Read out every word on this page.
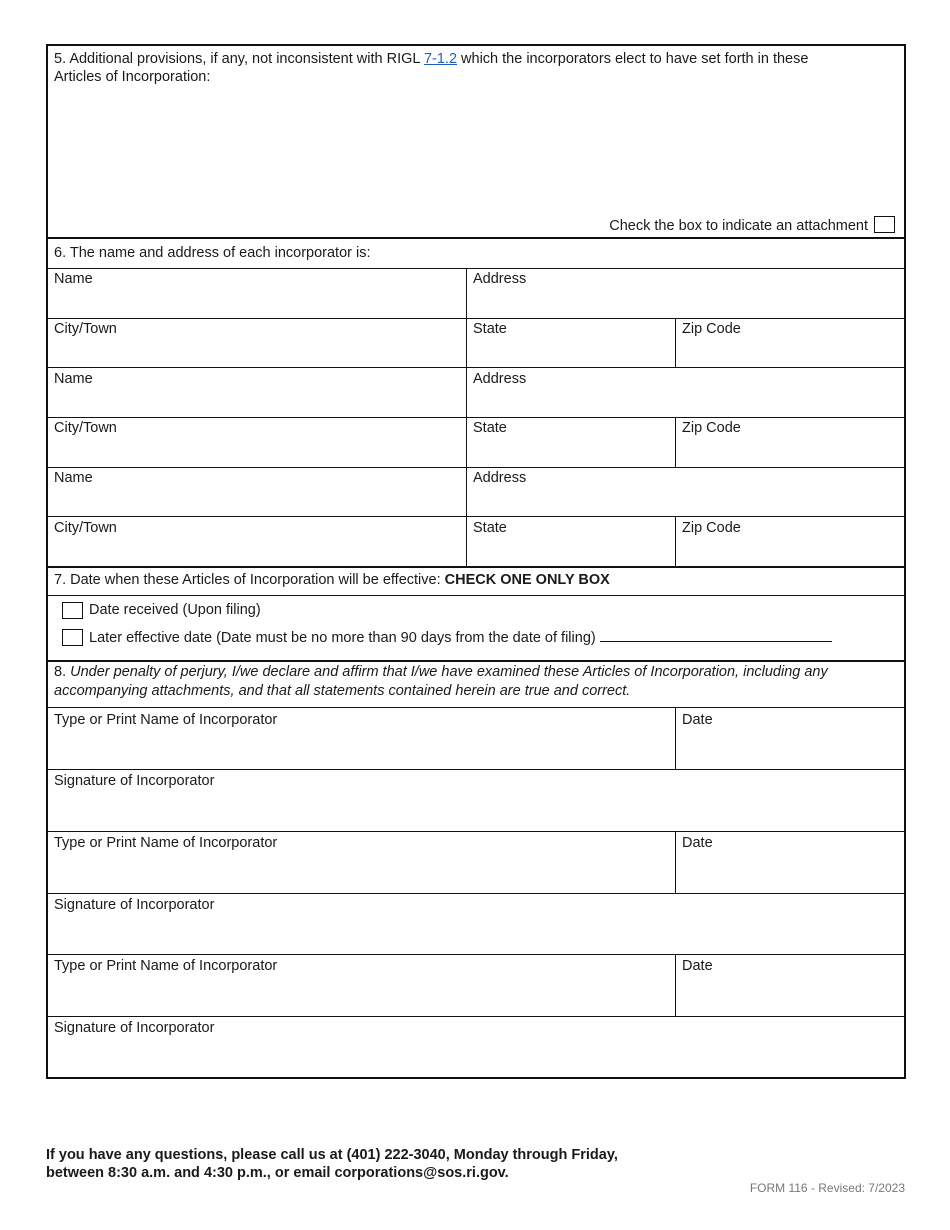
5. Additional provisions, if any, not inconsistent with RIGL 7-1.2 which the incorporators elect to have set forth in these
Articles of Incorporation:
Check the box to indicate an attachment
6. The name and address of each incorporator is:
Name	Address
City/Town	State	Zip Code
Name	Address
City/Town	State	Zip Code
Name	Address
City/Town	State	Zip Code
7. Date when these Articles of Incorporation will be effective: CHECK ONE ONLY BOX
Date received (Upon filing)
Later effective date (Date must be no more than 90 days from the date of filing)
8. Under penalty of perjury, I/we declare and affirm that I/we have examined these Articles of Incorporation, including any
accompanying attachments, and that all statements contained herein are true and correct.
Type or Print Name of Incorporator	Date
Signature of Incorporator
Type or Print Name of Incorporator	Date
Signature of Incorporator
Type or Print Name of Incorporator	Date
Signature of Incorporator
If you have any questions, please call us at (401) 222-3040, Monday through Friday,
between 8:30 a.m. and 4:30 p.m., or email corporations@sos.ri.gov.
FORM 116 - Revised: 7/2023
